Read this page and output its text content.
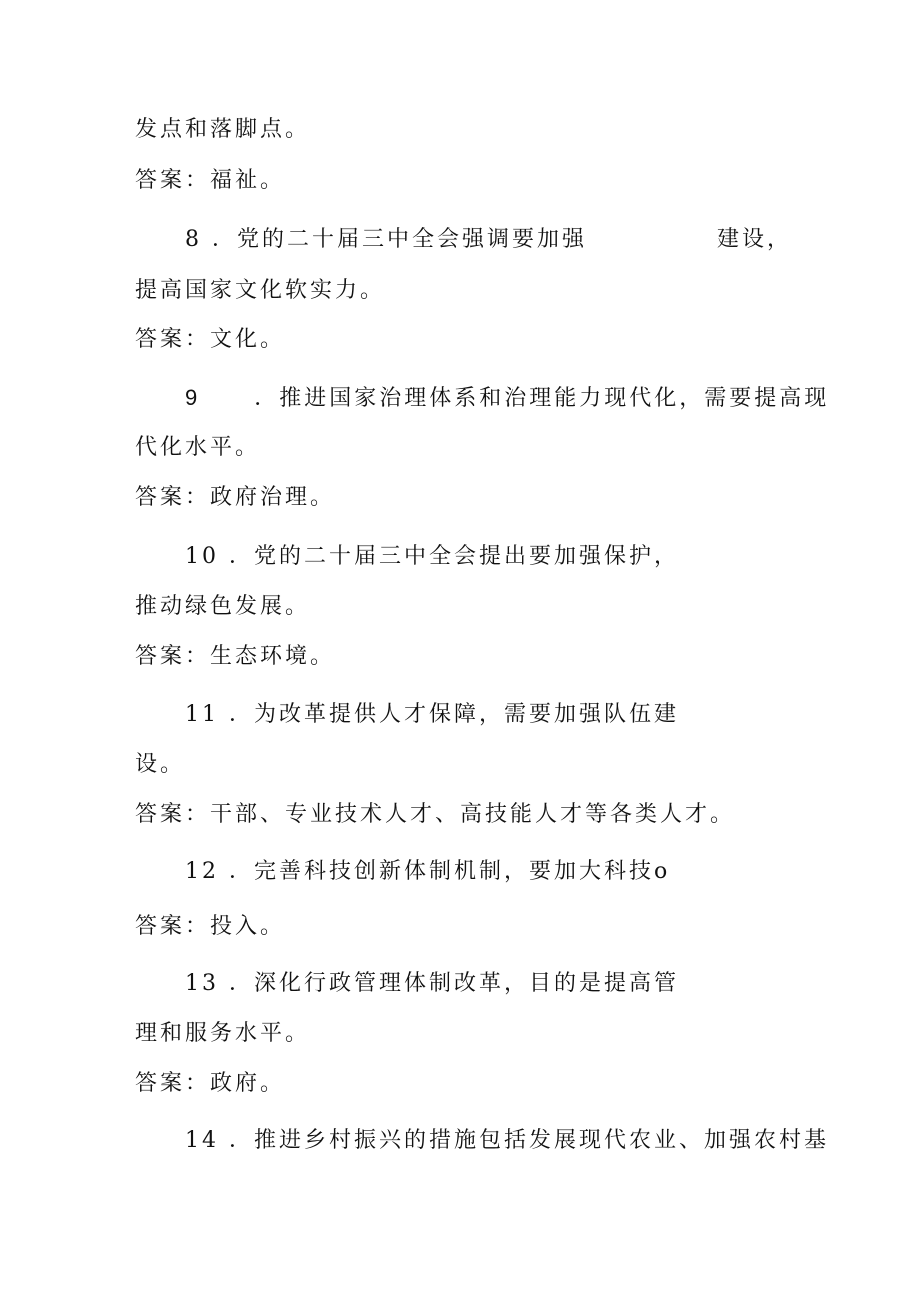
发点和落脚点。
答案：福祉。
8 ．党的二十届三中全会强调要加强	建设，
提高国家文化软实力。
答案：文化。
9	．推进国家治理体系和治理能力现代化，需要提高现
代化水平。
答案：政府治理。
10 ．党的二十届三中全会提出要加强保护，
推动绿色发展。
答案：生态环境。
11 ．为改革提供人才保障，需要加强队伍建
设。
答案：干部、专业技术人才、高技能人才等各类人才。
12 ．完善科技创新体制机制，要加大科技o
答案：投入。
13 ．深化行政管理体制改革，目的是提高管
理和服务水平。
答案：政府。
14 ．推进乡村振兴的措施包括发展现代农业、加强农村基
